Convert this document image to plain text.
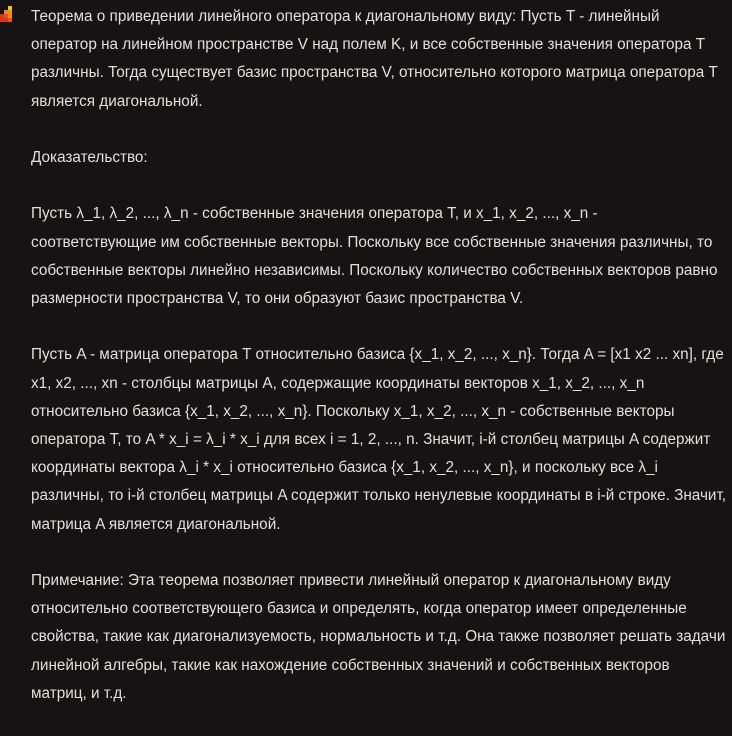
Теорема о приведении линейного оператора к диагональному виду: Пусть T - линейный оператор на линейном пространстве V над полем K, и все собственные значения оператора T различны. Тогда существует базис пространства V, относительно которого матрица оператора T является диагональной.

Доказательство:

Пусть λ_1, λ_2, ..., λ_n - собственные значения оператора T, и x_1, x_2, ..., x_n - соответствующие им собственные векторы. Поскольку все собственные значения различны, то собственные векторы линейно независимы. Поскольку количество собственных векторов равно размерности пространства V, то они образуют базис пространства V.

Пусть A - матрица оператора T относительно базиса {x_1, x_2, ..., x_n}. Тогда A = [x1 x2 ... xn], где x1, x2, ..., xn - столбцы матрицы A, содержащие координаты векторов x_1, x_2, ..., x_n относительно базиса {x_1, x_2, ..., x_n}. Поскольку x_1, x_2, ..., x_n - собственные векторы оператора T, то A * x_i = λ_i * x_i для всех i = 1, 2, ..., n. Значит, i-й столбец матрицы A содержит координаты вектора λ_i * x_i относительно базиса {x_1, x_2, ..., x_n}, и поскольку все λ_i различны, то i-й столбец матрицы A содержит только ненулевые координаты в i-й строке. Значит, матрица A является диагональной.

Примечание: Эта теорема позволяет привести линейный оператор к диагональному виду относительно соответствующего базиса и определять, когда оператор имеет определенные свойства, такие как диагонализуемость, нормальность и т.д. Она также позволяет решать задачи линейной алгебры, такие как нахождение собственных значений и собственных векторов матриц, и т.д.
